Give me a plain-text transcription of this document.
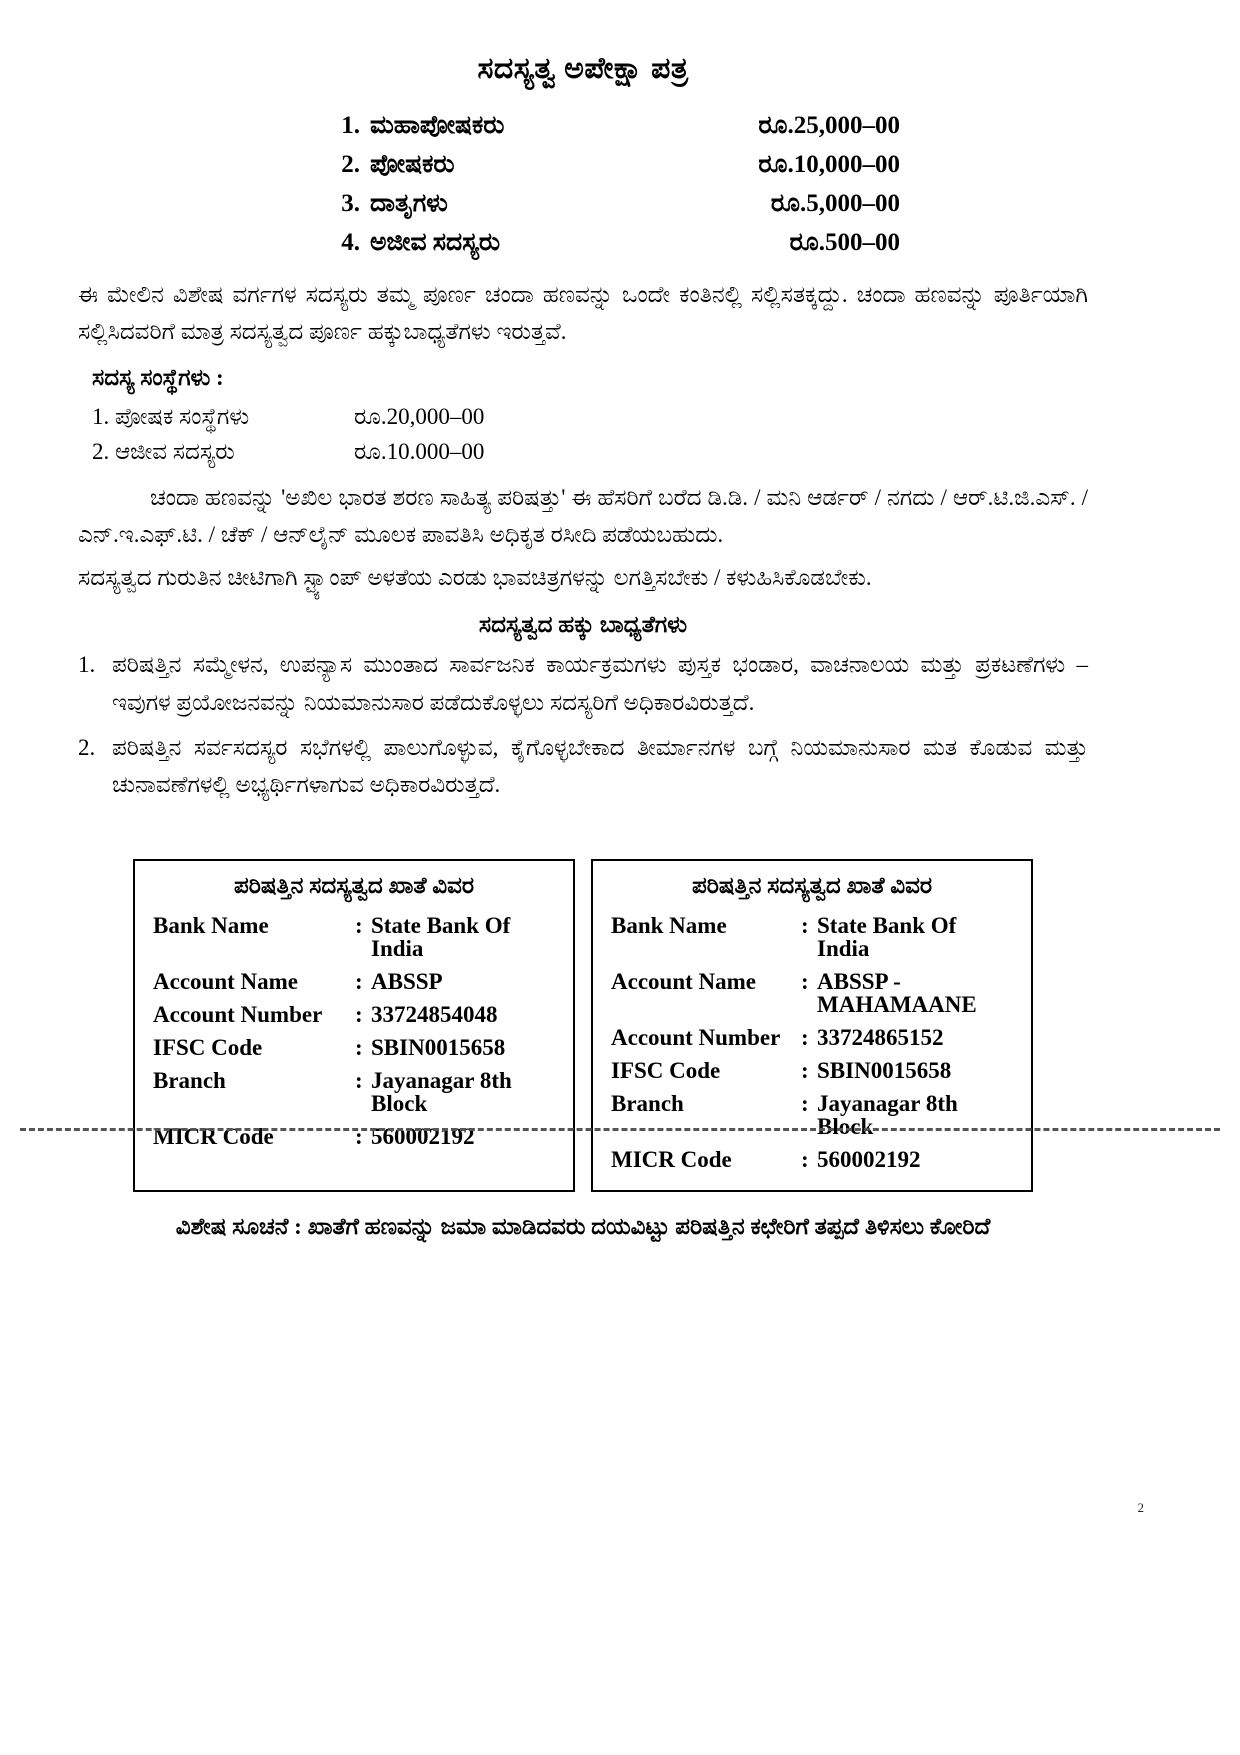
ಸದಸ್ಯತ್ವ ಅಪೇಕ್ಷಾ ಪತ್ರ
1. ಮಹಾಪೋಷಕರು	ರೂ.25,000–00
2. ಪೋಷಕರು	ರೂ.10,000–00
3. ದಾತೃಗಳು	ರೂ.5,000–00
4. ಅಜೀವ ಸದಸ್ಯರು	ರೂ.500–00

ಈ ಮೇಲಿನ ವಿಶೇಷ ವರ್ಗಗಳ ಸದಸ್ಯರು ತಮ್ಮ ಪೂರ್ಣ ಚಂದಾ ಹಣವನ್ನು ಒಂದೇ ಕಂತಿನಲ್ಲಿ ಸಲ್ಲಿಸತಕ್ಕದ್ದು. ಚಂದಾ ಹಣವನ್ನು ಪೂರ್ತಿಯಾಗಿ ಸಲ್ಲಿಸಿದವರಿಗೆ ಮಾತ್ರ ಸದಸ್ಯತ್ವದ ಪೂರ್ಣ ಹಕ್ಕುಬಾಧ್ಯತೆಗಳು ಇರುತ್ತವೆ.

ಸದಸ್ಯ ಸಂಸ್ಥೆಗಳು :
1. ಪೋಷಕ ಸಂಸ್ಥೆಗಳು	ರೂ.20,000–00
2. ಆಜೀವ ಸದಸ್ಯರು	ರೂ.10.000–00

ಚಂದಾ ಹಣವನ್ನು 'ಅಖಿಲ ಭಾರತ ಶರಣ ಸಾಹಿತ್ಯ ಪರಿಷತ್ತು' ಈ ಹೆಸರಿಗೆ ಬರೆದ ಡಿ.ಡಿ. / ಮನಿ ಆರ್ಡರ್ / ನಗದು / ಆರ್.ಟಿ.ಜಿ.ಎಸ್. / ಎನ್.ಇ.ಎಫ್.ಟಿ. / ಚೆಕ್ / ಆನ್‌ಲೈನ್ ಮೂಲಕ ಪಾವತಿಸಿ ಅಧಿಕೃತ ರಸೀದಿ ಪಡೆಯಬಹುದು.

ಸದಸ್ಯತ್ವದ ಗುರುತಿನ ಚೀಟಿಗಾಗಿ ಸ್ಟ್ಯಾಂಪ್ ಅಳತೆಯ ಎರಡು ಭಾವಚಿತ್ರಗಳನ್ನು ಲಗತ್ತಿಸಬೇಕು / ಕಳುಹಿಸಿಕೊಡಬೇಕು.

ಸದಸ್ಯತ್ವದ ಹಕ್ಕು ಬಾಧ್ಯತೆಗಳು
1. ಪರಿಷತ್ತಿನ ಸಮ್ಮೇಳನ, ಉಪನ್ಯಾಸ ಮುಂತಾದ ಸಾರ್ವಜನಿಕ ಕಾರ್ಯಕ್ರಮಗಳು ಪುಸ್ತಕ ಭಂಡಾರ, ವಾಚನಾಲಯ ಮತ್ತು ಪ್ರಕಟಣೆಗಳು – ಇವುಗಳ ಪ್ರಯೋಜನವನ್ನು ನಿಯಮಾನುಸಾರ ಪಡೆದುಕೊಳ್ಳಲು ಸದಸ್ಯರಿಗೆ ಅಧಿಕಾರವಿರುತ್ತದೆ.
2. ಪರಿಷತ್ತಿನ ಸರ್ವಸದಸ್ಯರ ಸಭೆಗಳಲ್ಲಿ ಪಾಲುಗೊಳ್ಳುವ, ಕೈಗೊಳ್ಳಬೇಕಾದ ತೀರ್ಮಾನಗಳ ಬಗ್ಗೆ ನಿಯಮಾನುಸಾರ ಮತ ಕೊಡುವ ಮತ್ತು ಚುನಾವಣೆಗಳಲ್ಲಿ ಅಭ್ಯರ್ಥಿಗಳಾಗುವ ಅಧಿಕಾರವಿರುತ್ತದೆ.
ಪರಿಷತ್ತಿನ ಸದಸ್ಯತ್ವದ ಖಾತೆ ವಿವರ
Bank Name	: State Bank Of India
Account Name	: ABSSP
Account Number	: 33724854048
IFSC Code	: SBIN0015658
Branch	: Jayanagar 8th Block
MICR Code	: 560002192
ಪರಿಷತ್ತಿನ ಸದಸ್ಯತ್ವದ ಖಾತೆ ವಿವರ
Bank Name	: State Bank Of India
Account Name	: ABSSP - MAHAMAANE
Account Number : 33724865152
IFSC Code	: SBIN0015658
Branch	: Jayanagar 8th Block
MICR Code	: 560002192
ವಿಶೇಷ ಸೂಚನೆ : ಖಾತೆಗೆ ಹಣವನ್ನು ಜಮಾ ಮಾಡಿದವರು ದಯವಿಟ್ಟು ಪರಿಷತ್ತಿನ ಕಛೇರಿಗೆ ತಪ್ಪದೆ ತಿಳಿಸಲು ಕೋರಿದೆ
2
